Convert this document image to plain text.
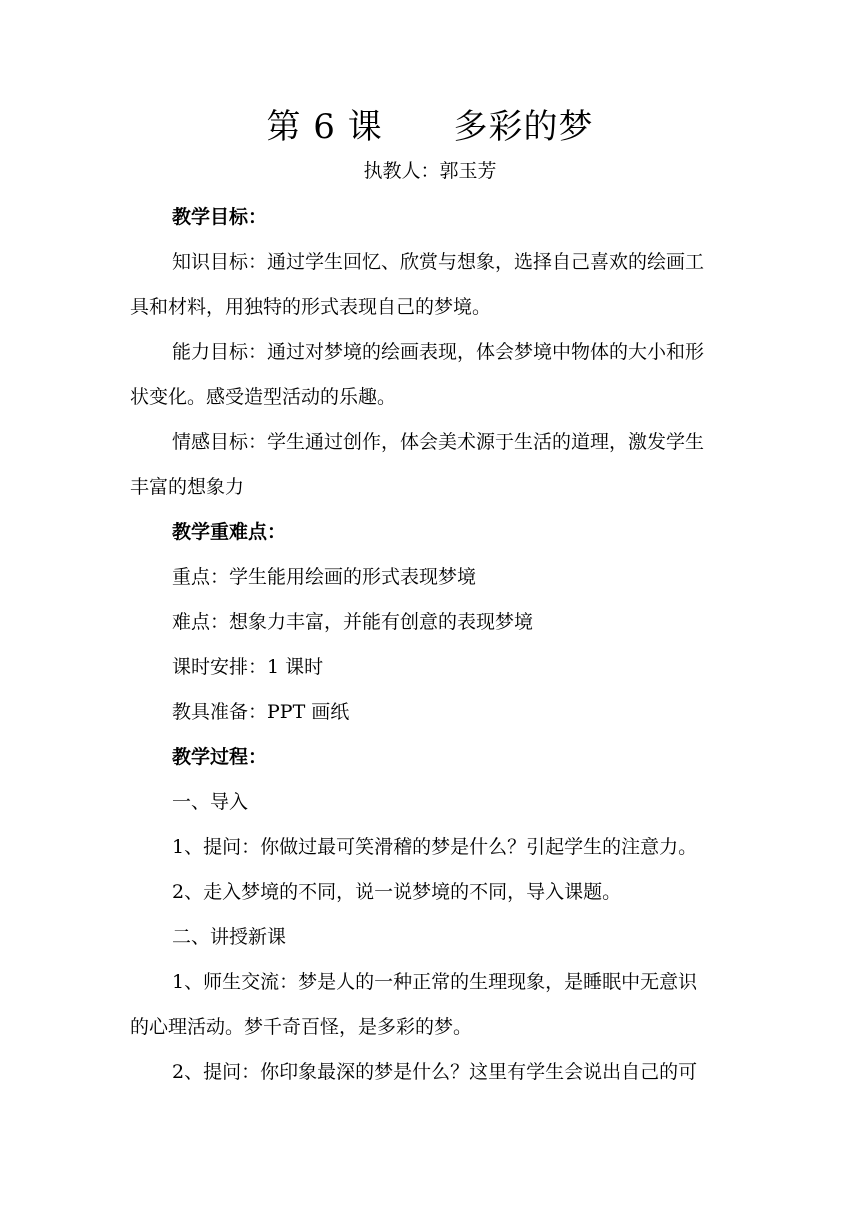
第 6 课      多彩的梦
执教人：郭玉芳
教学目标：
知识目标：通过学生回忆、欣赏与想象，选择自己喜欢的绘画工
具和材料，用独特的形式表现自己的梦境。
能力目标：通过对梦境的绘画表现，体会梦境中物体的大小和形
状变化。感受造型活动的乐趣。
情感目标：学生通过创作，体会美术源于生活的道理，激发学生
丰富的想象力
教学重难点：
重点：学生能用绘画的形式表现梦境
难点：想象力丰富，并能有创意的表现梦境
课时安排：1 课时
教具准备：PPT 画纸
教学过程：
一、导入
1、提问：你做过最可笑滑稽的梦是什么？引起学生的注意力。
2、走入梦境的不同，说一说梦境的不同，导入课题。
二、讲授新课
1、师生交流：梦是人的一种正常的生理现象，是睡眠中无意识
的心理活动。梦千奇百怪，是多彩的梦。
2、提问：你印象最深的梦是什么？这里有学生会说出自己的可
